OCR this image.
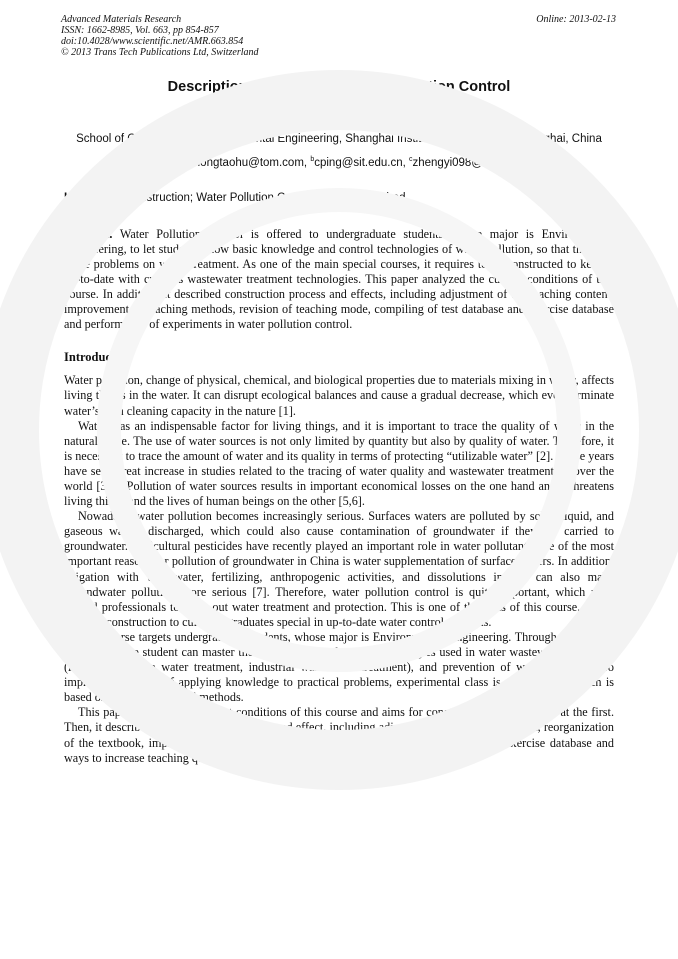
Advanced Materials Research
ISSN: 1662-8985, Vol. 663, pp 854-857
doi:10.4028/www.scientific.net/AMR.663.854
© 2013 Trans Tech Publications Ltd, Switzerland
Online: 2013-02-13
Description of the Course Water Pollution Control
Hongtao Hu$^a$, Ping Cao$^b$, Yi Zheng$^c$
School of Chemical and Environmental Engineering, Shanghai Institute of Technology, Shanghai, China
E-mail: $^a$hongtaohu@tom.com, $^b$cping@sit.edu.cn, $^c$zhengyi098@126.com
Keywords: Construction; Water Pollution Control; teaching method
Abstract. Water Pollution control is offered to undergraduate students whose major is Environmental Engineering, to let students know basic knowledge and control technologies of water pollution, so that they can solve problems on water treatment. As one of the main special courses, it requires to be constructed to keep it up-to-date with currents wastewater treatment technologies. This paper analyzed the current conditions of this course. In addition, it described construction process and effects, including adjustment of the teaching content, improvement of teaching methods, revision of teaching mode, compiling of test database and exercise database and performance of experiments in water pollution control.
Introduction

Water pollution, change of physical, chemical, and biological properties due to materials mixing in water, affects living things in the water. It can disrupt ecological balances and cause a gradual decrease, which even terminate water’s own cleaning capacity in the nature [1].

Water was an indispensable factor for living things, and it is important to trace the quality of water in the natural cycle. The use of water sources is not only limited by quantity but also by quality of water. Therefore, it is necessary to trace the amount of water and its quality in terms of protecting “utilizable water” [2]. These years have seen great increase in studies related to the tracing of water quality and wastewater treatment all over the world [3,4]. Pollution of water sources results in important economical losses on the one hand and b threatens living things and the lives of human beings on the other [5,6].

Nowadays, water pollution becomes increasingly serious. Surfaces waters are polluted by solid, liquid, and gaseous wastes discharged, which could also cause contamination of groundwater if they are carried to groundwater. Agricultural pesticides have recently played an important role in water pollutant. One of the most important reasons for pollution of groundwater in China is water supplementation of surface waters. In addition, irrigation with wastewater, fertilizing, anthropogenic activities, and dissolutions in soil can also make groundwater pollution more serious [7]. Therefore, water pollution control is quite important, which need special professionals to carry out water treatment and protection. This is one of the aims of this course, which requires construction to cultivate graduates special in up-to-date water control methods.

This course targets undergraduate students, whose major is Environmental Engineering. Through learning of this course, the student can master the basic theory and major technologies used in water wastewater treatment (including sewage water treatment, industrial wastewater treatment), and prevention of water pollution. To improve the ability of applying knowledge to practical problems, experimental class is also offered, which is based on nowadays control methods.

This paper analyzes the current conditions of this course and aims for construction of this course at the first. Then, it describes the construction process and effect, including adjustment of the course content, reorganization of the textbook, improvement of teaching methods and class modes, test database and exercise database and ways to increase teaching quality of this course.
